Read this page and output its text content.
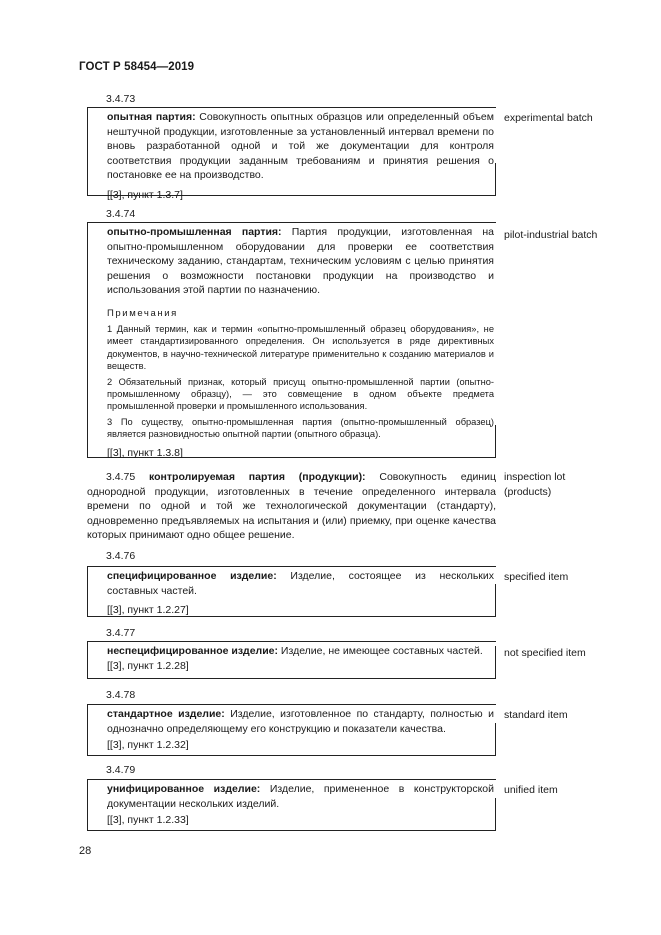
ГОСТ Р 58454—2019
3.4.73

опытная партия: Совокупность опытных образцов или определенный объем нештучной продукции, изготовленные за установленный интервал времени по вновь разработанной одной и той же документации для контроля соответствия продукции заданным требованиям и принятия решения о постановке ее на производство.

[[3], пункт 1.3.7]
experimental batch
3.4.74

опытно-промышленная партия: Партия продукции, изготовленная на опытно-промышленном оборудовании для проверки ее соответствия техническому заданию, стандартам, техническим условиям с целью принятия решения о возможности постановки продукции на производство и использования этой партии по назначению.

Примечания

1 Данный термин, как и термин «опытно-промышленный образец оборудования», не имеет стандартизированного определения. Он используется в ряде директивных документов, в научно-технической литературе применительно к созданию материалов и веществ.

2 Обязательный признак, который присущ опытно-промышленной партии (опытно-промышленному образцу), — это совмещение в одном объекте предмета промышленной проверки и промышленного использования.

3 По существу, опытно-промышленная партия (опытно-промышленный образец) является разновидностью опытной партии (опытного образца).

[[3], пункт 1.3.8]
pilot-industrial batch

3.4.75 контролируемая партия (продукции): Совокупность единиц однородной продукции, изготовленных в течение определенного интервала времени по одной и той же технологической документации (стандарту), одновременно предъявляемых на испытания и (или) приемку, при оценке качества которых принимают одно общее решение.

inspection lot
(products)
3.4.76

специфицированное изделие: Изделие, состоящее из нескольких составных частей.

[[3], пункт 1.2.27]
specified item
3.4.77

неспецифицированное изделие: Изделие, не имеющее составных частей.

[[3], пункт 1.2.28]
not specified item
3.4.78

стандартное изделие: Изделие, изготовленное по стандарту, полностью и однозначно определяющему его конструкцию и показатели качества.

[[3], пункт 1.2.32]
standard item
3.4.79

унифицированное изделие: Изделие, примененное в конструкторской документации нескольких изделий.

[[3], пункт 1.2.33]
unified item
28
